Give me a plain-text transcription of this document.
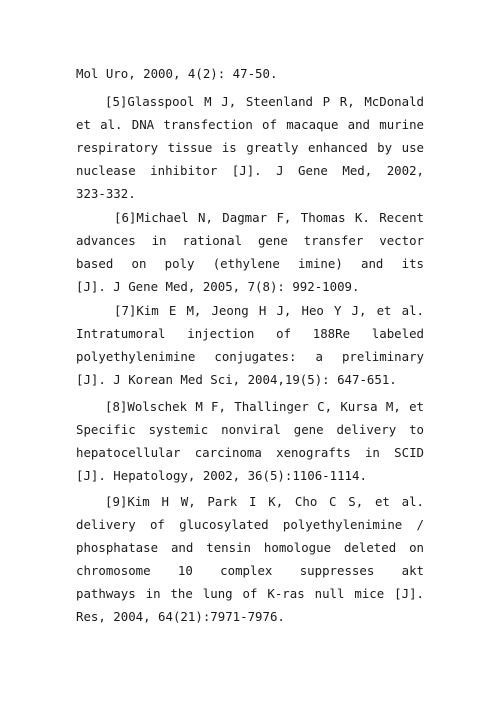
Mol Uro, 2000, 4(2): 47-50.
[5]Glasspool M J, Steenland P R, McDonald
et al. DNA transfection of macaque and murine
respiratory tissue is greatly enhanced by use
nuclease inhibitor [J]. J Gene Med, 2002,
323-332.
[6]Michael N, Dagmar F, Thomas K. Recent
advances in rational gene transfer vector
based on poly (ethylene imine) and its
[J]. J Gene Med, 2005, 7(8): 992-1009.
[7]Kim E M, Jeong H J, Heo Y J, et al.
Intratumoral injection of 188Re labeled
polyethylenimine conjugates: a preliminary
[J]. J Korean Med Sci, 2004,19(5): 647-651.
[8]Wolschek M F, Thallinger C, Kursa M, et
Specific systemic nonviral gene delivery to
hepatocellular carcinoma xenografts in SCID
[J]. Hepatology, 2002, 36(5):1106-1114.
[9]Kim H W, Park I K, Cho C S, et al.
delivery of glucosylated polyethylenimine /
phosphatase and tensin homologue deleted on
chromosome 10 complex suppresses akt
pathways in the lung of K-ras null mice [J].
Res, 2004, 64(21):7971-7976.
